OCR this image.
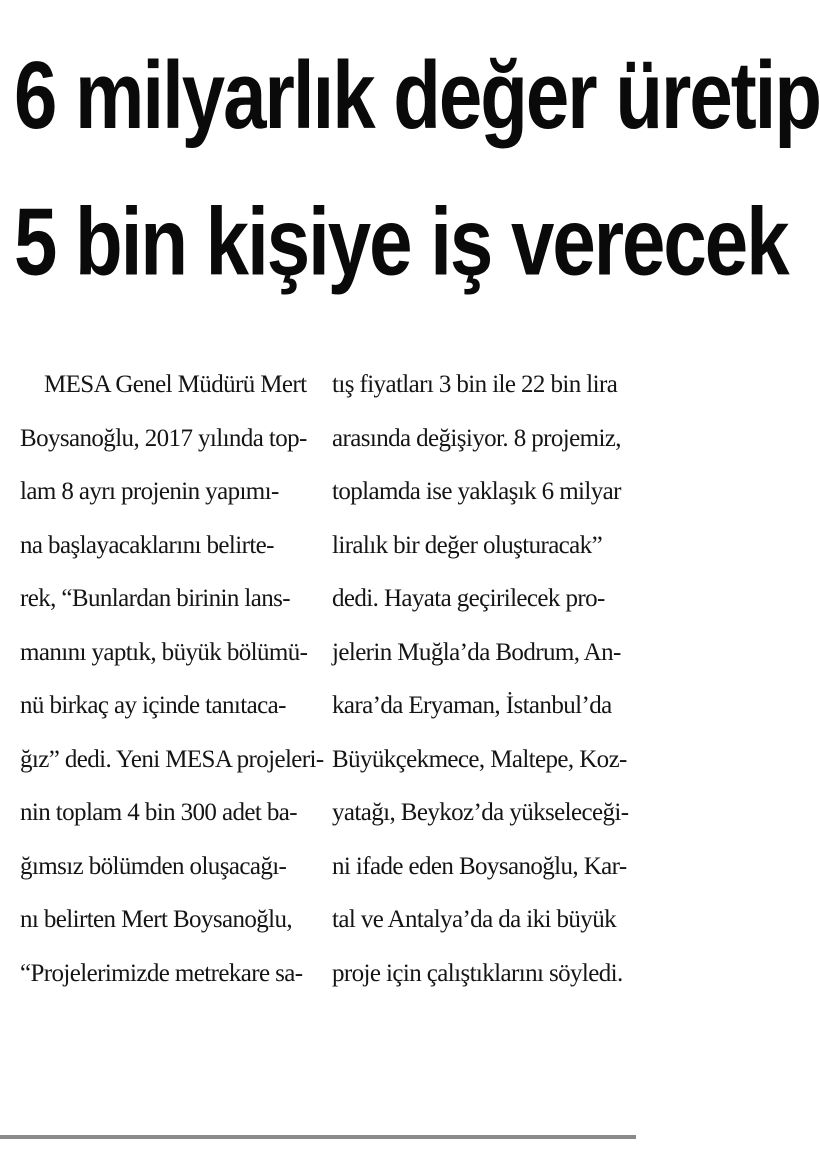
6 milyarlık değer üretip
5 bin kişiye iş verecek
MESA Genel Müdürü Mert
Boysanoğlu, 2017 yılında top-
lam 8 ayrı projenin yapımı-
na başlayacaklarını belirte-
rek, “Bunlardan birinin lans-
manını yaptık, büyük bölümü-
nü birkaç ay içinde tanıtaca-
ğız” dedi. Yeni MESA projeleri-
nin toplam 4 bin 300 adet ba-
ğımsız bölümden oluşacağı-
nı belirten Mert Boysanoğlu,
“Projelerimizde metrekare sa-
tış fiyatları 3 bin ile 22 bin lira
arasında değişiyor. 8 projemiz,
toplamda ise yaklaşık 6 milyar
liralık bir değer oluşturacak”
dedi. Hayata geçirilecek pro-
jelerin Muğla’da Bodrum, An-
kara’da Eryaman, İstanbul’da
Büyükçekmece, Maltepe, Koz-
yatağı, Beykoz’da yükseleceği-
ni ifade eden Boysanoğlu, Kar-
tal ve Antalya’da da iki büyük
proje için çalıştıklarını söyledi.
